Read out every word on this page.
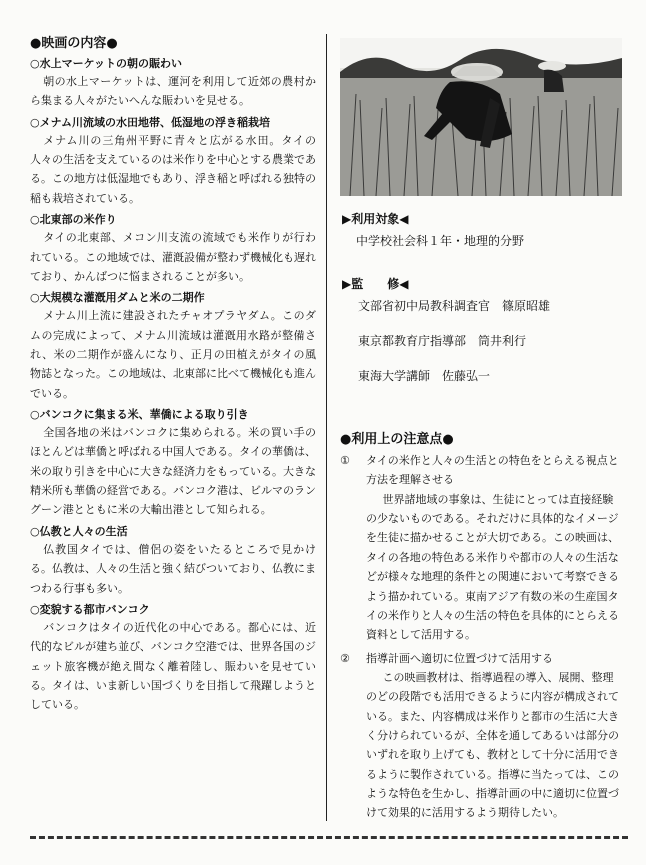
●映画の内容●
○水上マーケットの朝の賑わい
朝の水上マーケットは、運河を利用して近郊の農村から集まる人々がたいへんな賑わいを見せる。
○メナム川流域の水田地帯、低湿地の浮き稲栽培
メナム川の三角州平野に青々と広がる水田。タイの人々の生活を支えているのは米作りを中心とする農業である。この地方は低湿地でもあり、浮き稲と呼ばれる独特の稲も栽培されている。
○北東部の米作り
タイの北東部、メコン川支流の流域でも米作りが行われている。この地域では、灌漑設備が整わず機械化も遅れており、かんばつに悩まされることが多い。
○大規模な灌漑用ダムと米の二期作
メナム川上流に建設されたチャオプラヤダム。このダムの完成によって、メナム川流域は灌漑用水路が整備され、米の二期作が盛んになり、正月の田植えがタイの風物誌となった。この地域は、北東部に比べて機械化も進んでいる。
○バンコクに集まる米、華僑による取り引き
全国各地の米はバンコクに集められる。米の買い手のほとんどは華僑と呼ばれる中国人である。タイの華僑は、米の取り引きを中心に大きな経済力をもっている。大きな精米所も華僑の経営である。バンコク港は、ビルマのラングーン港とともに米の大輸出港として知られる。
○仏教と人々の生活
仏教国タイでは、僧侶の姿をいたるところで見かける。仏教は、人々の生活と強く結びついており、仏教にまつわる行事も多い。
○変貌する都市バンコク
バンコクはタイの近代化の中心である。都心には、近代的なビルが建ち並び、バンコク空港では、世界各国のジェット旅客機が絶え間なく離着陸し、賑わいを見せている。タイは、いま新しい国づくりを目指して飛躍しようとしている。
▶利用対象◀
中学校社会科１年・地理的分野
▶監　　修◀
文部省初中局教科調査官　篠原昭雄
東京都教育庁指導部　筒井利行
東海大学講師　佐藤弘一
●利用上の注意点●
①	タイの米作と人々の生活との特色をとらえる視点と方法を理解させる
世界諸地域の事象は、生徒にとっては直接経験の少ないものである。それだけに具体的なイメージを生徒に描かせることが大切である。この映画は、タイの各地の特色ある米作りや都市の人々の生活などが様々な地理的条件との関連において考察できるよう描かれている。東南アジア有数の米の生産国タイの米作りと人々の生活の特色を具体的にとらえる資料として活用する。
②	指導計画へ適切に位置づけて活用する
この映画教材は、指導過程の導入、展開、整理のどの段階でも活用できるように内容が構成されている。また、内容構成は米作りと都市の生活に大きく分けられているが、全体を通してあるいは部分のいずれを取り上げても、教材として十分に活用できるように製作されている。指導に当たっては、このような特色を生かし、指導計画の中に適切に位置づけて効果的に活用するよう期待したい。
